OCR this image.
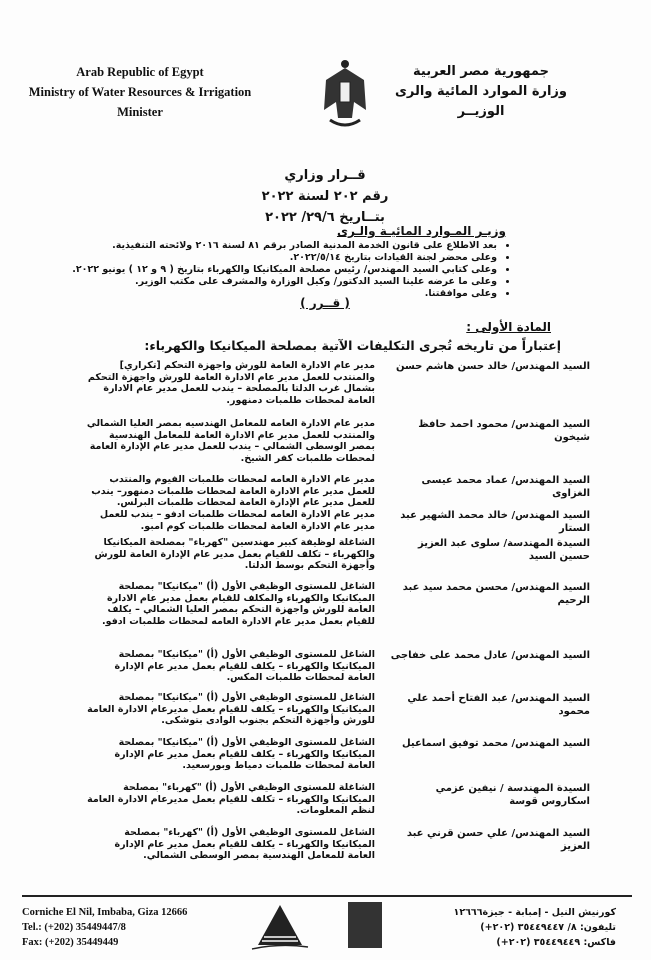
Arab Republic of Egypt
Ministry of Water Resources & Irrigation
Minister
جمهورية مصر العربية
وزارة الموارد المائية والرى
الوزيــر
قــرار وزاري
رقم ٢٠٢ لسنة ٢٠٢٢
بتــاريخ ٢٩/٦/ ٢٠٢٢
وزيـر المـوارد المائيـة والـرى
• بعد الاطلاع على قانون الخدمة المدنية الصادر برقم ٨١ لسنة ٢٠١٦ ولائحته التنفيذية.
• وعلى محضر لجنة القيادات بتاريخ ٢٠٢٢/٥/١٤.
• وعلى كتابي السيد المهندس/ رئيس مصلحة الميكانيكا والكهرباء بتاريخ ( ٩ و ١٢ ) يونيو ٢٠٢٢.
• وعلى ما عرضه علينا السيد الدكتور/ وكيل الوزارة والمشرف على مكتب الوزير.
• وعلى موافقتنا.
( قــرر )
المادة الأولى :
إعتباراً من تاريخه تُجرى التكليفات الآتية بمصلحة الميكانيكا والكهرباء:
السيد المهندس/ خالد حسن هاشم حسن
مدير عام الادارة العامة للورش واجهزة التحكم [تكراري] والمنتدب للعمل مدير عام الادارة العامة للورش واجهزة التحكم بشمال غرب الدلتا بالمصلحة – يندب للعمل مدير عام الادارة العامة لمحطات طلمبات دمنهور.
السيد المهندس/ محمود احمد حافظ شيخون
مدير عام الادارة العامه للمعامل الهندسيه بمصر العليا الشمالي والمنتدب للعمل مدير عام الادارة العامة للمعامل الهندسية بمصر الوسطى الشمالي – يندب للعمل مدير عام الإدارة العامة لمحطات طلمبات كفر الشيخ.
السيد المهندس/ عماد محمد عيسى الغزاوى
مدير عام الادارة العامه لمحطات طلمبات الفيوم والمنتدب للعمل مدير عام الادارة العامة لمحطات طلمبات دمنهور– يندب للعمل مدير عام الإدارة العامة لمحطات طلمبات البرلس.
السيد المهندس/ خالد محمد الشهير عبد الستار
مدير عام الادارة العامه لمحطات طلمبات ادفو – يندب للعمل مدير عام الادارة العامة لمحطات طلمبات كوم امبو.
السيدة المهندسة/ سلوى عبد العزيز حسين السيد
الشاغلة لوظيفة كبير مهندسين "كهرباء" بمصلحة الميكانيكا والكهرباء – تكلف للقيام بعمل مدير عام الإدارة العامة للورش وأجهزة التحكم بوسط الدلتا.
السيد المهندس/ محسن محمد سيد عبد الرحيم
الشاغل للمستوى الوظيفي الأول (أ) "ميكانيكا" بمصلحة الميكانيكا والكهرباء والمكلف للقيام بعمل مدير عام الادارة العامة للورش واجهزة التحكم بمصر العليا الشمالي – يكلف للقيام بعمل مدير عام الادارة العامه لمحطات طلمبات ادفو.
السيد المهندس/ عادل محمد على خفاجى
الشاغل للمستوى الوظيفي الأول (أ) "ميكانيكا" بمصلحة الميكانيكا والكهرباء – يكلف للقيام بعمل مدير عام الإدارة العامة لمحطات طلمبات المكس.
السيد المهندس/ عبد الفتاح أحمد علي محمود
الشاغل للمستوى الوظيفي الأول (أ) "ميكانيكا" بمصلحة الميكانيكا والكهرباء – يكلف للقيام بعمل مديرعام الادارة العامة للورش وأجهزة التحكم بجنوب الوادى بتوشكى.
السيد المهندس/ محمد توفيق اسماعيل
الشاغل للمستوى الوظيفي الأول (أ) "ميكانيكا" بمصلحة الميكانيكا والكهرباء – يكلف للقيام بعمل مدير عام الإدارة العامة لمحطات طلمبات دمياط وبورسعيد.
السيدة المهندسة / نيفين عزمي اسكاروس قوسة
الشاغلة للمستوى الوظيفي الأول (أ) "كهرباء" بمصلحة الميكانيكا والكهرباء – تكلف للقيام بعمل مديرعام الادارة العامة لنظم المعلومات.
السيد المهندس/ علي حسن قرني عبد العزيز
الشاغل للمستوى الوظيفي الأول (أ) "كهرباء" بمصلحة الميكانيكا والكهرباء – يكلف للقيام بعمل مدير عام الإدارة العامة للمعامل الهندسية بمصر الوسطى الشمالي.
Corniche El Nil, Imbaba, Giza 12666
Tel.: (+202) 35449447/8
Fax: (+202) 35449449
كورنيش النيل - إمبابة - جيزة١٢٦٦٦
تليفون: ٨/ ٣٥٤٤٩٤٤٧ (٢٠٢+)
فاكس: ٣٥٤٤٩٤٤٩ (٢٠٢+)
